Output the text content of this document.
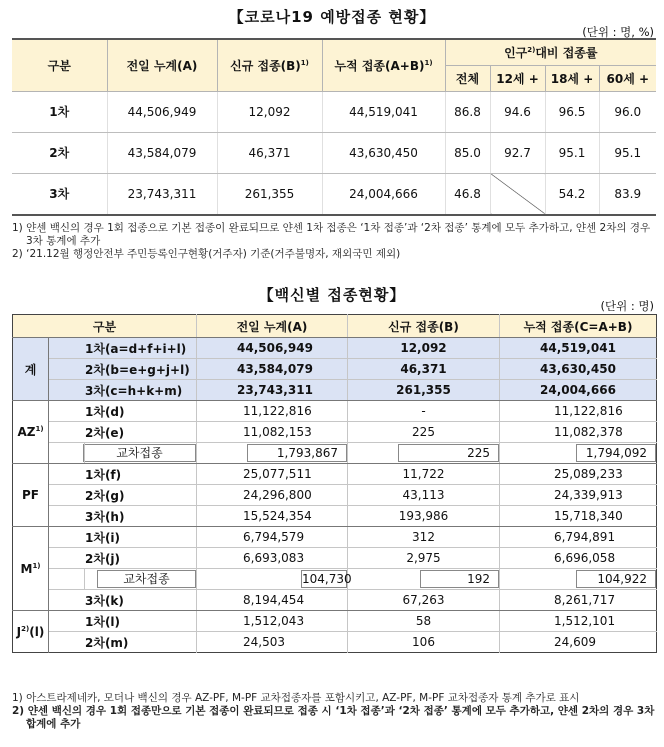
【코로나19 예방접종 현황】
(단위 : 명, %)
구분	전일 누계(A)	신규 접종$(B)^{1)}$	누적 접종$(A+B)^{1)}$	인구$^{2)}$대비 접종률			
				전체	12세 +	18세 +	60세 +
1차	44,506,949	12,092	44,519,041	86.8	94.6	96.5	96.0
2차	43,584,079	46,371	43,630,450	85.0	92.7	95.1	95.1
3차	23,743,311	261,355	24,004,666	46.8		54.2	83.9
1) 얀센 백신의 경우 1회 접종으로 기본 접종이 완료되므로 얀센 1차 접종은 ‘1차 접종’과 ‘2차 접종’ 통계에 모두 추가하고, 얀센 2차의 경우 3차 통계에 추가
2) ‘21.12월 행정안전부 주민등록인구현황(거주자) 기준(거주불명자, 재외국민 제외)
【백신별 접종현황】
(단위 : 명)
구분			전일 누계(A)	신규 접종(B)	누적 접종(C=A+B)
계	1차(a=d+f+i+l)		44,506,949	12,092	44,519,041
	2차(b=e+g+j+l)		43,584,079	46,371	43,630,450
	3차(c=h+k+m)		23,743,311	261,355	24,004,666
AZ$^{1)}$	1차(d)		11,122,816	-	11,122,816
	2차(e)		11,082,153	225	11,082,378

		교차접종	1,793,867	225	1,794,092

PF	1차(f)		25,077,511	11,722	25,089,233
	2차(g)		24,296,800	43,113	24,339,913
	3차(h)		15,524,354	193,986	15,718,340
$M^{1)}$	1차(i)		6,794,579	312	6,794,891
	2차(j)		6,693,083	2,975	6,696,058

		교차접종	104,730	192	104,922

	3차(k)		8,194,454	67,263	8,261,717
$J^{2)}(l)$	1차(l)		1,512,043	58	1,512,101
	2차(m)		24,503	106	24,609
1) 아스트라제네카, 모더나 백신의 경우 AZ-PF, M-PF 교차접종자를 포함시키고, AZ-PF, M-PF 교차접종자 통계 추가로 표시
2) 얀센 백신의 경우 1회 접종만으로 기본 접종이 완료되므로 접종 시 ‘1차 접종’과 ‘2차 접종’ 통계에 모두 추가하고, 얀센 2차의 경우 3차 합계에 추가
